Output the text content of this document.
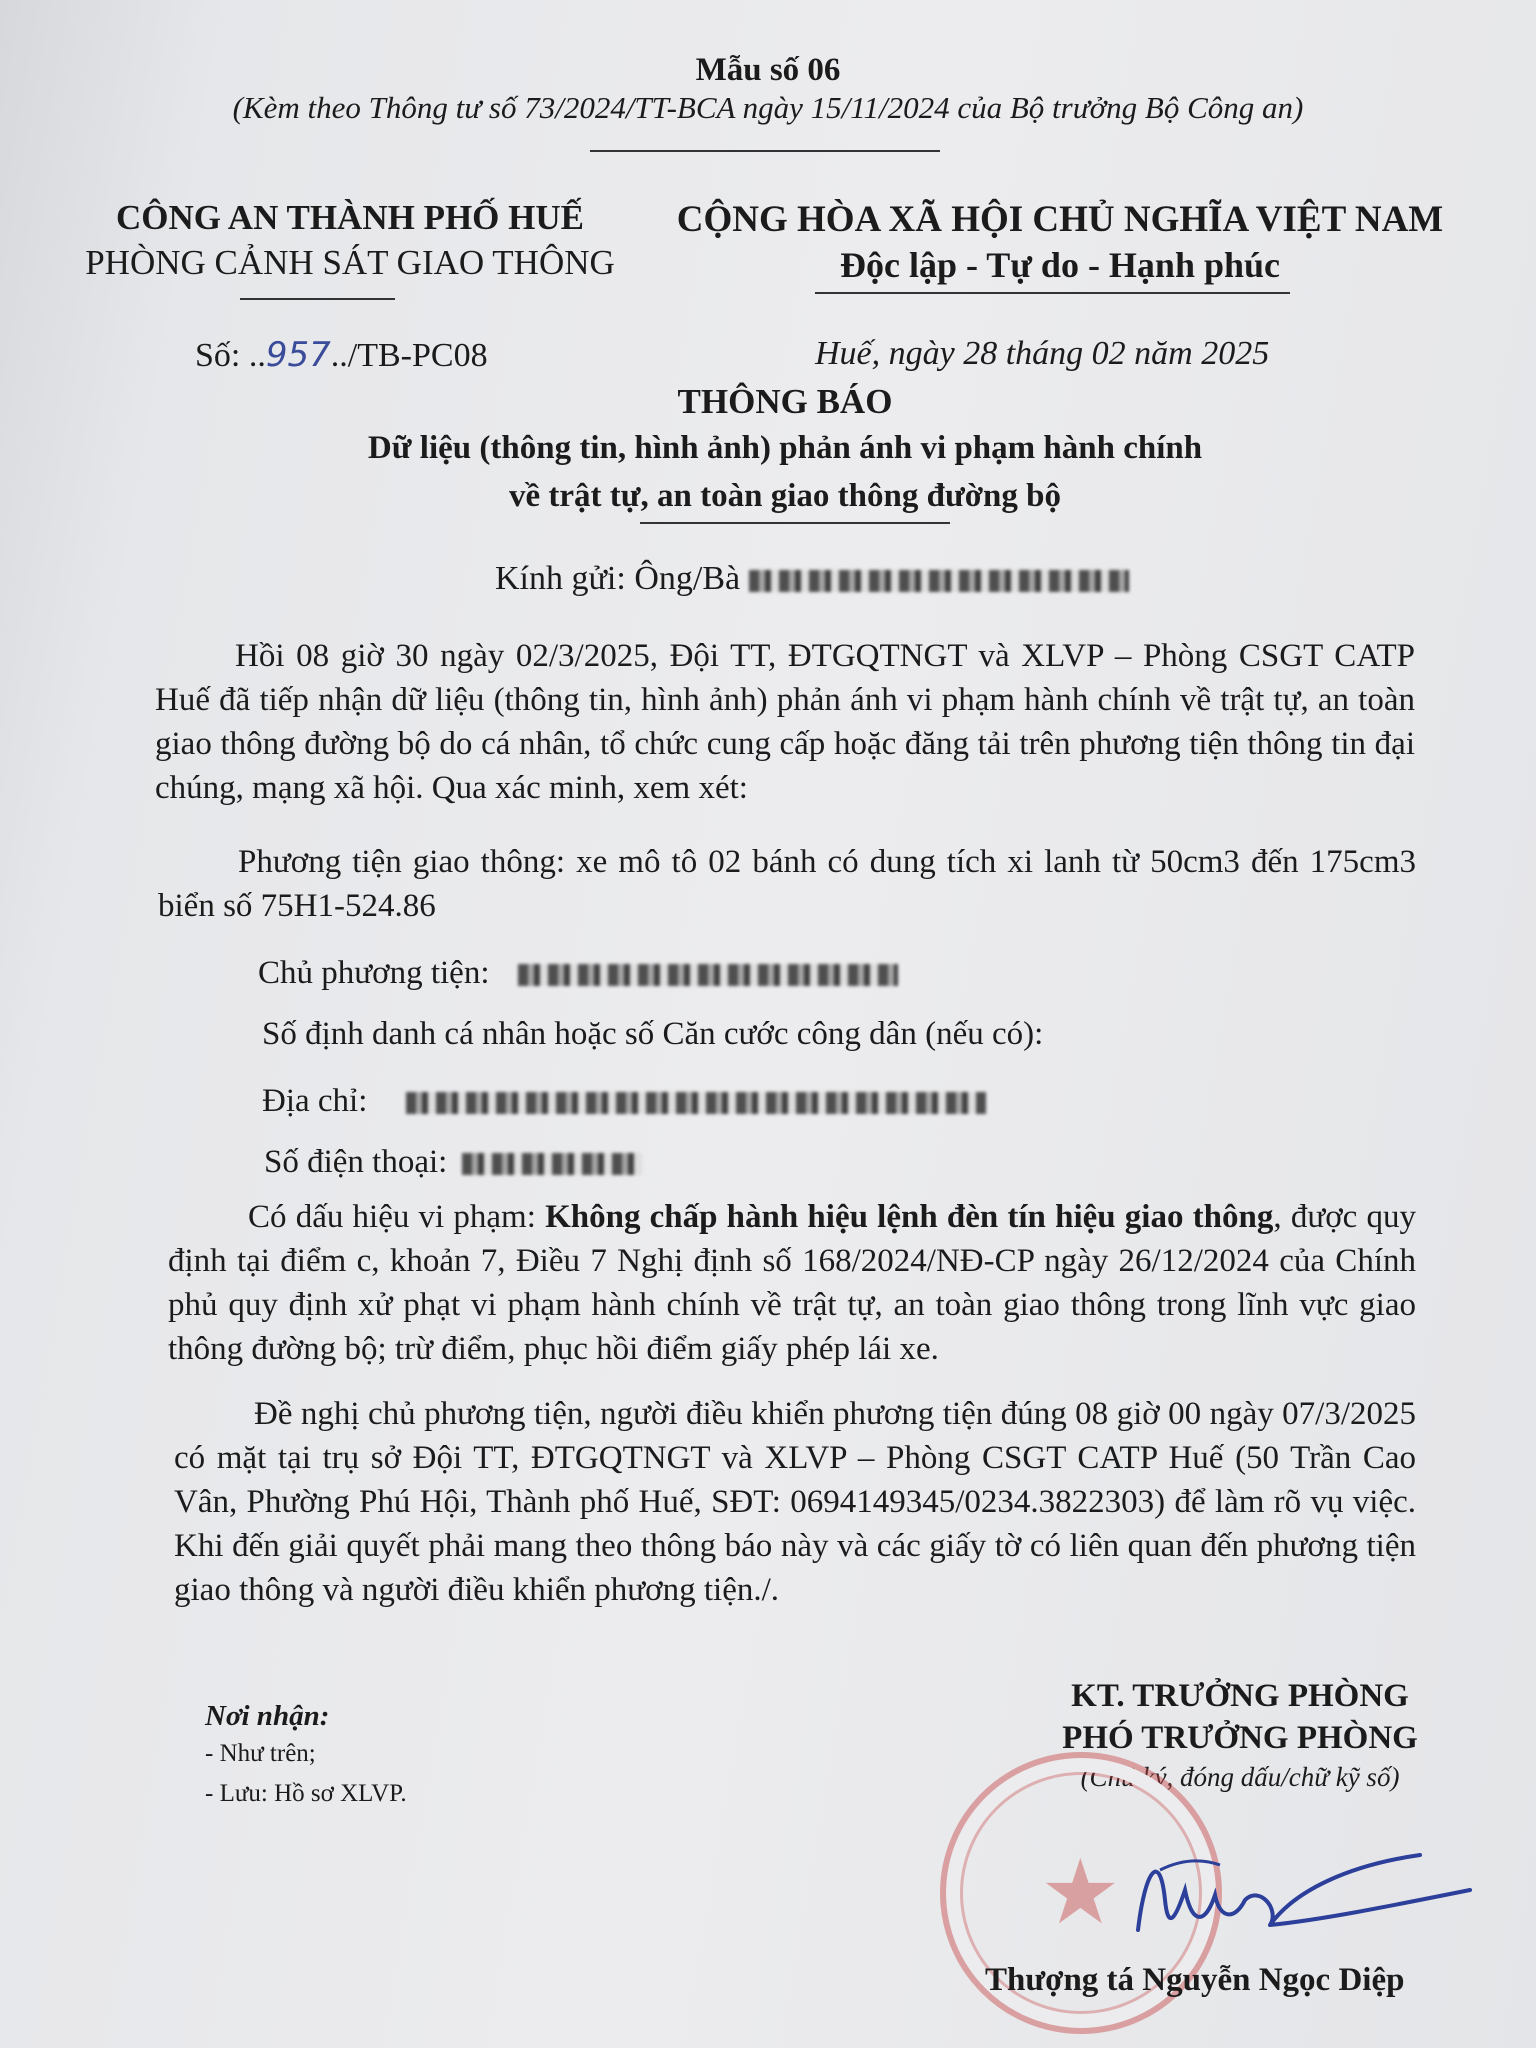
Mẫu số 06
(Kèm theo Thông tư số 73/2024/TT-BCA ngày 15/11/2024 của Bộ trưởng Bộ Công an)
CÔNG AN THÀNH PHỐ HUẾ
PHÒNG CẢNH SÁT GIAO THÔNG
CỘNG HÒA XÃ HỘI CHỦ NGHĨA VIỆT NAM
Độc lập - Tự do - Hạnh phúc
Số: ..957../TB-PC08	Huế, ngày 28 tháng 02 năm 2025
THÔNG BÁO
Dữ liệu (thông tin, hình ảnh) phản ánh vi phạm hành chính
về trật tự, an toàn giao thông đường bộ
Kính gửi: Ông/Bà
Hồi 08 giờ 30 ngày 02/3/2025, Đội TT, ĐTGQTNGT và XLVP – Phòng CSGT CATP Huế đã tiếp nhận dữ liệu (thông tin, hình ảnh) phản ánh vi phạm hành chính về trật tự, an toàn giao thông đường bộ do cá nhân, tổ chức cung cấp hoặc đăng tải trên phương tiện thông tin đại chúng, mạng xã hội. Qua xác minh, xem xét:
Phương tiện giao thông: xe mô tô 02 bánh có dung tích xi lanh từ 50cm3 đến 175cm3 biển số 75H1-524.86
Chủ phương tiện:
Số định danh cá nhân hoặc số Căn cước công dân (nếu có):
Địa chỉ:
Số điện thoại:
Có dấu hiệu vi phạm: Không chấp hành hiệu lệnh đèn tín hiệu giao thông, được quy định tại điểm c, khoản 7, Điều 7 Nghị định số 168/2024/NĐ-CP ngày 26/12/2024 của Chính phủ quy định xử phạt vi phạm hành chính về trật tự, an toàn giao thông trong lĩnh vực giao thông đường bộ; trừ điểm, phục hồi điểm giấy phép lái xe.
Đề nghị chủ phương tiện, người điều khiển phương tiện đúng 08 giờ 00 ngày 07/3/2025 có mặt tại trụ sở Đội TT, ĐTGQTNGT và XLVP – Phòng CSGT CATP Huế (50 Trần Cao Vân, Phường Phú Hội, Thành phố Huế, SĐT: 0694149345/0234.3822303) để làm rõ vụ việc. Khi đến giải quyết phải mang theo thông báo này và các giấy tờ có liên quan đến phương tiện giao thông và người điều khiển phương tiện./.
Nơi nhận:
- Như trên;
- Lưu: Hồ sơ XLVP.
KT. TRƯỞNG PHÒNG
PHÓ TRƯỞNG PHÒNG
(Chữ ký, đóng dấu/chữ kỹ số)
★
Thượng tá Nguyễn Ngọc Diệp
